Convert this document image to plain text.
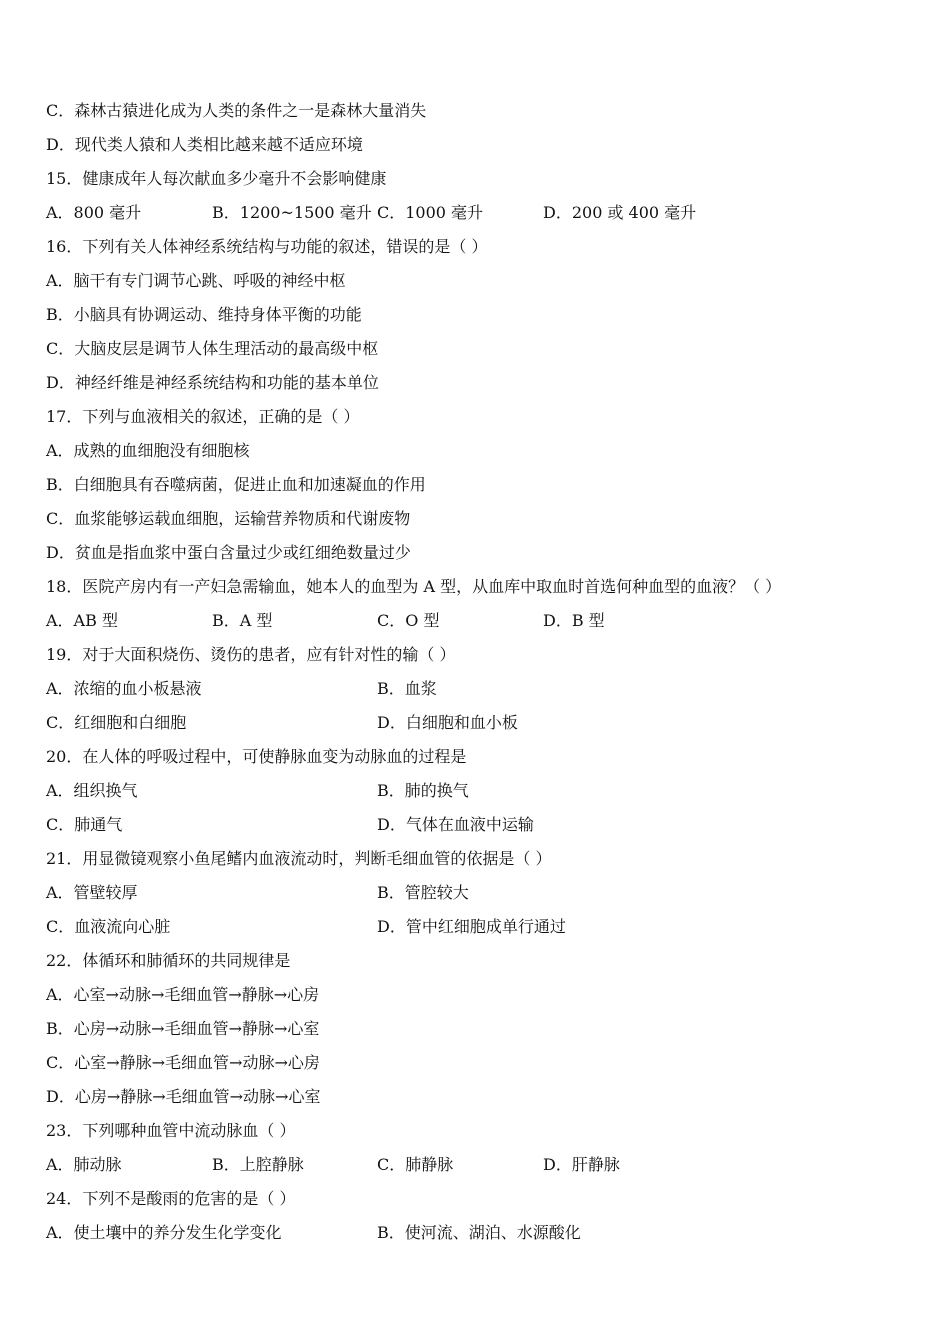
C．森林古猿进化成为人类的条件之一是森林大量消失
D．现代类人猿和人类相比越来越不适应环境
15．健康成年人每次献血多少毫升不会影响健康
A．800 毫升	B．1200~1500 毫升 C．1000 毫升	D．200 或 400 毫升
16．下列有关人体神经系统结构与功能的叙述，错误的是（ ）
A．脑干有专门调节心跳、呼吸的神经中枢
B．小脑具有协调运动、维持身体平衡的功能
C．大脑皮层是调节人体生理活动的最高级中枢
D．神经纤维是神经系统结构和功能的基本单位
17．下列与血液相关的叙述，正确的是（ ）
A．成熟的血细胞没有细胞核
B．白细胞具有吞噬病菌，促进止血和加速凝血的作用
C．血浆能够运载血细胞，运输营养物质和代谢废物
D．贫血是指血浆中蛋白含量过少或红细绝数量过少
18．医院产房内有一产妇急需输血，她本人的血型为 A 型，从血库中取血时首选何种血型的血液？（ ）
A．AB 型	B．A 型	C．O 型	D．B 型
19．对于大面积烧伤、烫伤的患者，应有针对性的输（ ）
A．浓缩的血小板悬液	B．血浆
C．红细胞和白细胞	D．白细胞和血小板
20．在人体的呼吸过程中，可使静脉血变为动脉血的过程是
A．组织换气	B．肺的换气
C．肺通气	D．气体在血液中运输
21．用显微镜观察小鱼尾鳍内血液流动时，判断毛细血管的依据是（ ）
A．管壁较厚	B．管腔较大
C．血液流向心脏	D．管中红细胞成单行通过
22．体循环和肺循环的共同规律是
A．心室→动脉→毛细血管→静脉→心房
B．心房→动脉→毛细血管→静脉→心室
C．心室→静脉→毛细血管→动脉→心房
D．心房→静脉→毛细血管→动脉→心室
23．下列哪种血管中流动脉血（ ）
A．肺动脉	B．上腔静脉	C．肺静脉	D．肝静脉
24．下列不是酸雨的危害的是（ ）
A．使土壤中的养分发生化学变化	B．使河流、湖泊、水源酸化
